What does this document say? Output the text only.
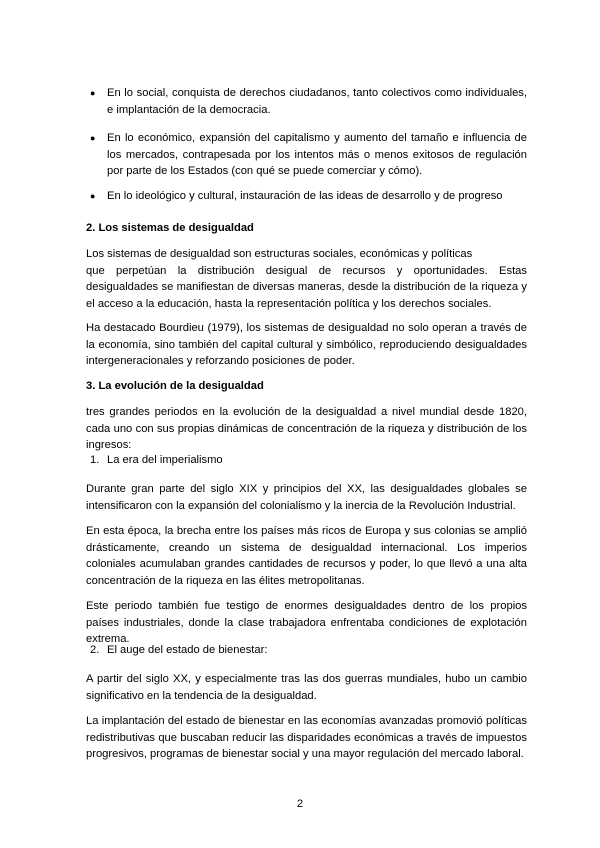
● En lo social, conquista de derechos ciudadanos, tanto colectivos como individuales, e implantación de la democracia.

● En lo económico, expansión del capitalismo y aumento del tamaño e influencia de los mercados, contrapesada por los intentos más o menos exitosos de regulación por parte de los Estados (con qué se puede comerciar y cómo).

● En lo ideológico y cultural, instauración de las ideas de desarrollo y de progreso

2. Los sistemas de desigualdad

Los sistemas de desigualdad son estructuras sociales, económicas y políticas

que perpetúan la distribución desigual de recursos y oportunidades. Estas desigualdades se manifiestan de diversas maneras, desde la distribución de la riqueza y el acceso a la educación, hasta la representación política y los derechos sociales.

Ha destacado Bourdieu (1979), los sistemas de desigualdad no solo operan a través de la economía, sino también del capital cultural y simbólico, reproduciendo desigualdades intergeneracionales y reforzando posiciones de poder.

3. La evolución de la desigualdad

tres grandes periodos en la evolución de la desigualdad a nivel mundial desde 1820, cada uno con sus propias dinámicas de concentración de la riqueza y distribución de los ingresos:

1. La era del imperialismo

Durante gran parte del siglo XIX y principios del XX, las desigualdades globales se intensificaron con la expansión del colonialismo y la inercia de la Revolución Industrial.

En esta época, la brecha entre los países más ricos de Europa y sus colonias se amplió drásticamente, creando un sistema de desigualdad internacional. Los imperios coloniales acumulaban grandes cantidades de recursos y poder, lo que llevó a una alta concentración de la riqueza en las élites metropolitanas.

Este periodo también fue testigo de enormes desigualdades dentro de los propios países industriales, donde la clase trabajadora enfrentaba condiciones de explotación extrema.

2. El auge del estado de bienestar:

A partir del siglo XX, y especialmente tras las dos guerras mundiales, hubo un cambio significativo en la tendencia de la desigualdad.

La implantación del estado de bienestar en las economías avanzadas promovió políticas redistributivas que buscaban reducir las disparidades económicas a través de impuestos progresivos, programas de bienestar social y una mayor regulación del mercado laboral.

2
